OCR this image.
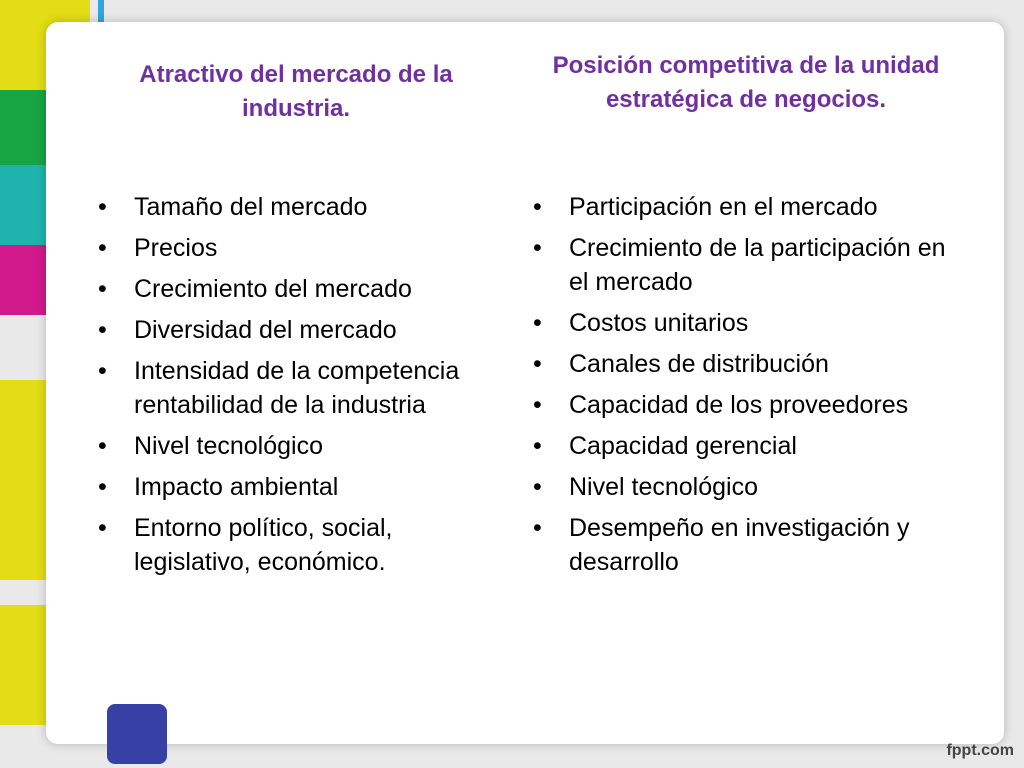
Atractivo del mercado de la industria.
Posición competitiva de la unidad estratégica de negocios.
• Tamaño del mercado
• Precios
• Crecimiento del mercado
• Diversidad del mercado
• Intensidad de la competencia rentabilidad de la industria
• Nivel tecnológico
• Impacto ambiental
• Entorno político, social, legislativo, económico.
• Participación en el mercado
• Crecimiento de la participación en el mercado
• Costos unitarios
• Canales de distribución
• Capacidad de los proveedores
• Capacidad gerencial
• Nivel tecnológico
• Desempeño en investigación y desarrollo
fppt.com
